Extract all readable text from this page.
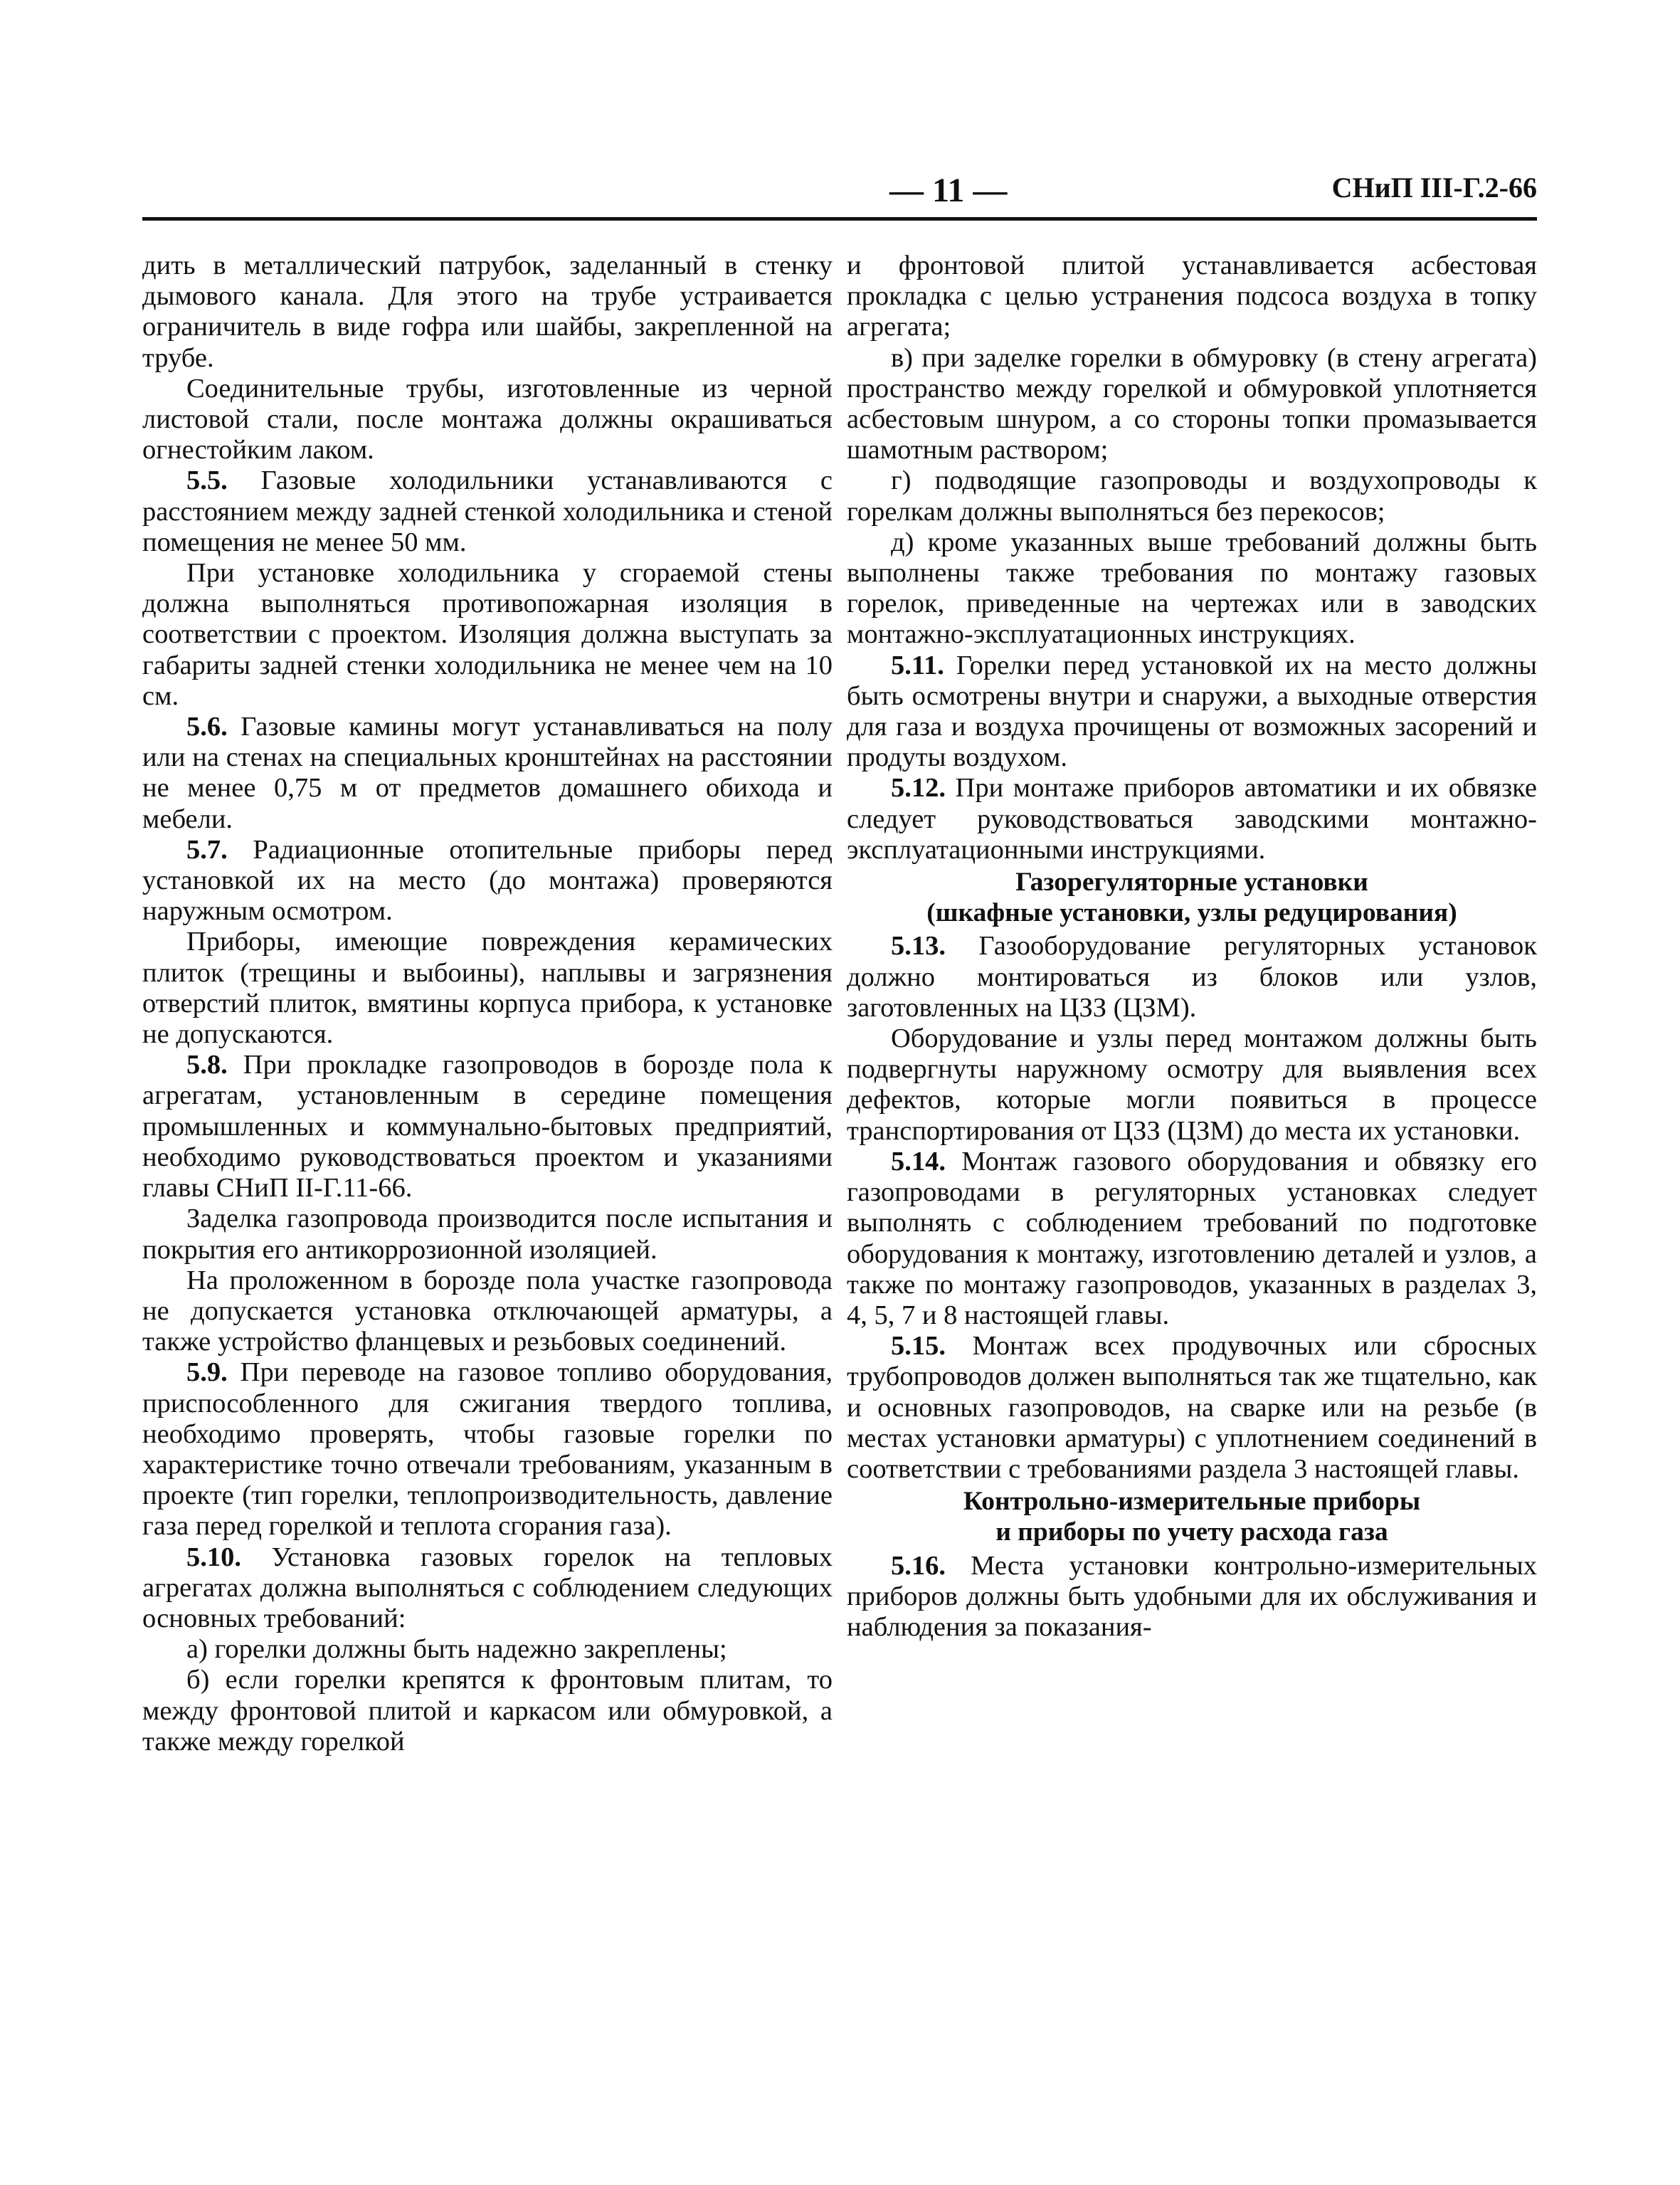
— 11 —	СНиП III-Г.2-66

дить в металлический патрубок, заделанный в стенку дымового канала. Для этого на трубе устраивается ограничитель в виде гофра или шайбы, закрепленной на трубе.

Соединительные трубы, изготовленные из черной листовой стали, после монтажа должны окрашиваться огнестойким лаком.

5.5. Газовые холодильники устанавливаются с расстоянием между задней стенкой холодильника и стеной помещения не менее 50 мм.

При установке холодильника у сгораемой стены должна выполняться противопожарная изоляция в соответствии с проектом. Изоляция должна выступать за габариты задней стенки холодильника не менее чем на 10 см.

5.6. Газовые камины могут устанавливаться на полу или на стенах на специальных кронштейнах на расстоянии не менее 0,75 м от предметов домашнего обихода и мебели.

5.7. Радиационные отопительные приборы перед установкой их на место (до монтажа) проверяются наружным осмотром.

Приборы, имеющие повреждения керамических плиток (трещины и выбоины), наплывы и загрязнения отверстий плиток, вмятины корпуса прибора, к установке не допускаются.

5.8. При прокладке газопроводов в борозде пола к агрегатам, установленным в середине помещения промышленных и коммунально-бытовых предприятий, необходимо руководствоваться проектом и указаниями главы СНиП II-Г.11-66.

Заделка газопровода производится после испытания и покрытия его антикоррозионной изоляцией.

На проложенном в борозде пола участке газопровода не допускается установка отключающей арматуры, а также устройство фланцевых и резьбовых соединений.

5.9. При переводе на газовое топливо оборудования, приспособленного для сжигания твердого топлива, необходимо проверять, чтобы газовые горелки по характеристике точно отвечали требованиям, указанным в проекте (тип горелки, теплопроизводительность, давление газа перед горелкой и теплота сгорания газа).

5.10. Установка газовых горелок на тепловых агрегатах должна выполняться с соблюдением следующих основных требований:

а) горелки должны быть надежно закреплены;

б) если горелки крепятся к фронтовым плитам, то между фронтовой плитой и каркасом или обмуровкой, а также между горелкой

и фронтовой плитой устанавливается асбестовая прокладка с целью устранения подсоса воздуха в топку агрегата;

в) при заделке горелки в обмуровку (в стену агрегата) пространство между горелкой и обмуровкой уплотняется асбестовым шнуром, а со стороны топки промазывается шамотным раствором;

г) подводящие газопроводы и воздухопроводы к горелкам должны выполняться без перекосов;

д) кроме указанных выше требований должны быть выполнены также требования по монтажу газовых горелок, приведенные на чертежах или в заводских монтажно-эксплуатационных инструкциях.

5.11. Горелки перед установкой их на место должны быть осмотрены внутри и снаружи, а выходные отверстия для газа и воздуха прочищены от возможных засорений и продуты воздухом.

5.12. При монтаже приборов автоматики и их обвязке следует руководствоваться заводскими монтажно-эксплуатационными инструкциями.

Газорегуляторные установки
(шкафные установки, узлы редуцирования)

5.13. Газооборудование регуляторных установок должно монтироваться из блоков или узлов, заготовленных на ЦЗЗ (ЦЗМ).

Оборудование и узлы перед монтажом должны быть подвергнуты наружному осмотру для выявления всех дефектов, которые могли появиться в процессе транспортирования от ЦЗЗ (ЦЗМ) до места их установки.

5.14. Монтаж газового оборудования и обвязку его газопроводами в регуляторных установках следует выполнять с соблюдением требований по подготовке оборудования к монтажу, изготовлению деталей и узлов, а также по монтажу газопроводов, указанных в разделах 3, 4, 5, 7 и 8 настоящей главы.

5.15. Монтаж всех продувочных или сбросных трубопроводов должен выполняться так же тщательно, как и основных газопроводов, на сварке или на резьбе (в местах установки арматуры) с уплотнением соединений в соответствии с требованиями раздела 3 настоящей главы.

Контрольно-измерительные приборы
и приборы по учету расхода газа

5.16. Места установки контрольно-измерительных приборов должны быть удобными для их обслуживания и наблюдения за показания-
